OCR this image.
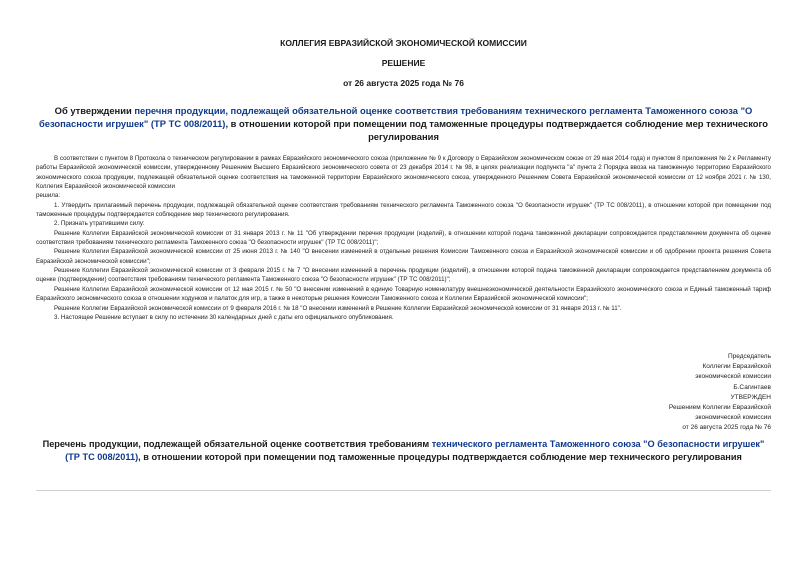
КОЛЛЕГИЯ ЕВРАЗИЙСКОЙ ЭКОНОМИЧЕСКОЙ КОМИССИИ
РЕШЕНИЕ
от 26 августа 2025 года № 76
Об утверждении перечня продукции, подлежащей обязательной оценке соответствия требованиям технического регламента Таможенного союза "О безопасности игрушек" (ТР ТС 008/2011), в отношении которой при помещении под таможенные процедуры подтверждается соблюдение мер технического регулирования

В соответствии с пунктом 8 Протокола о техническом регулировании в рамках Евразийского экономического союза (приложение № 9 к Договору о Евразийском экономическом союзе от 29 мая 2014 года) и пунктом 8 приложения № 2 к Регламенту работы Евразийской экономической комиссии, утвержденному Решением Высшего Евразийского экономического совета от 23 декабря 2014 г. № 98, в целях реализации подпункта "а" пункта 2 Порядка ввоза на таможенную территорию Евразийского экономического союза продукции, подлежащей обязательной оценке соответствия на таможенной территории Евразийского экономического союза, утвержденного Решением Совета Евразийской экономической комиссии от 12 ноября 2021 г. № 130, Коллегия Евразийской экономической комиссии

решила:

1. Утвердить прилагаемый перечень продукции, подлежащей обязательной оценке соответствия требованиям технического регламента Таможенного союза "О безопасности игрушек" (ТР ТС 008/2011), в отношении которой при помещении под таможенные процедуры подтверждается соблюдение мер технического регулирования.

2. Признать утратившими силу:

Решение Коллегии Евразийской экономической комиссии от 31 января 2013 г. № 11 "Об утверждении перечня продукции (изделий), в отношении которой подача таможенной декларации сопровождается представлением документа об оценке соответствия требованиям технического регламента Таможенного союза "О безопасности игрушек" (ТР ТС 008/2011)";

Решение Коллегии Евразийской экономической комиссии от 25 июня 2013 г. № 140 "О внесении изменений в отдельные решения Комиссии Таможенного союза и Евразийской экономической комиссии и об одобрении проекта решения Совета Евразийской экономической комиссии";

Решение Коллегии Евразийской экономической комиссии от 3 февраля 2015 г. № 7 "О внесении изменений в перечень продукции (изделий), в отношении которой подача таможенной декларации сопровождается представлением документа об оценке (подтверждении) соответствия требованиям технического регламента Таможенного союза "О безопасности игрушек" (ТР ТС 008/2011)";

Решение Коллегии Евразийской экономической комиссии от 12 мая 2015 г. № 50 "О внесении изменений в единую Товарную номенклатуру внешнеэкономической деятельности Евразийского экономического союза и Единый таможенный тариф Евразийского экономического союза в отношении ходунков и палаток для игр, а также в некоторые решения Комиссии Таможенного союза и Коллегии Евразийской экономической комиссии";

Решение Коллегии Евразийской экономической комиссии от 9 февраля 2016 г. № 18 "О внесении изменений в Решение Коллегии Евразийской экономической комиссии от 31 января 2013 г. № 11".

3. Настоящее Решение вступает в силу по истечении 30 календарных дней с даты его официального опубликования.

Председатель
Коллегии Евразийской
экономической комиссии
Б.Сагинтаев
УТВЕРЖДЕН
Решением Коллегии Евразийской
экономической комиссии
от 26 августа 2025 года № 76
Перечень продукции, подлежащей обязательной оценке соответствия требованиям технического регламента Таможенного союза "О безопасности игрушек" (ТР ТС 008/2011), в отношении которой при помещении под таможенные процедуры подтверждается соблюдение мер технического регулирования
